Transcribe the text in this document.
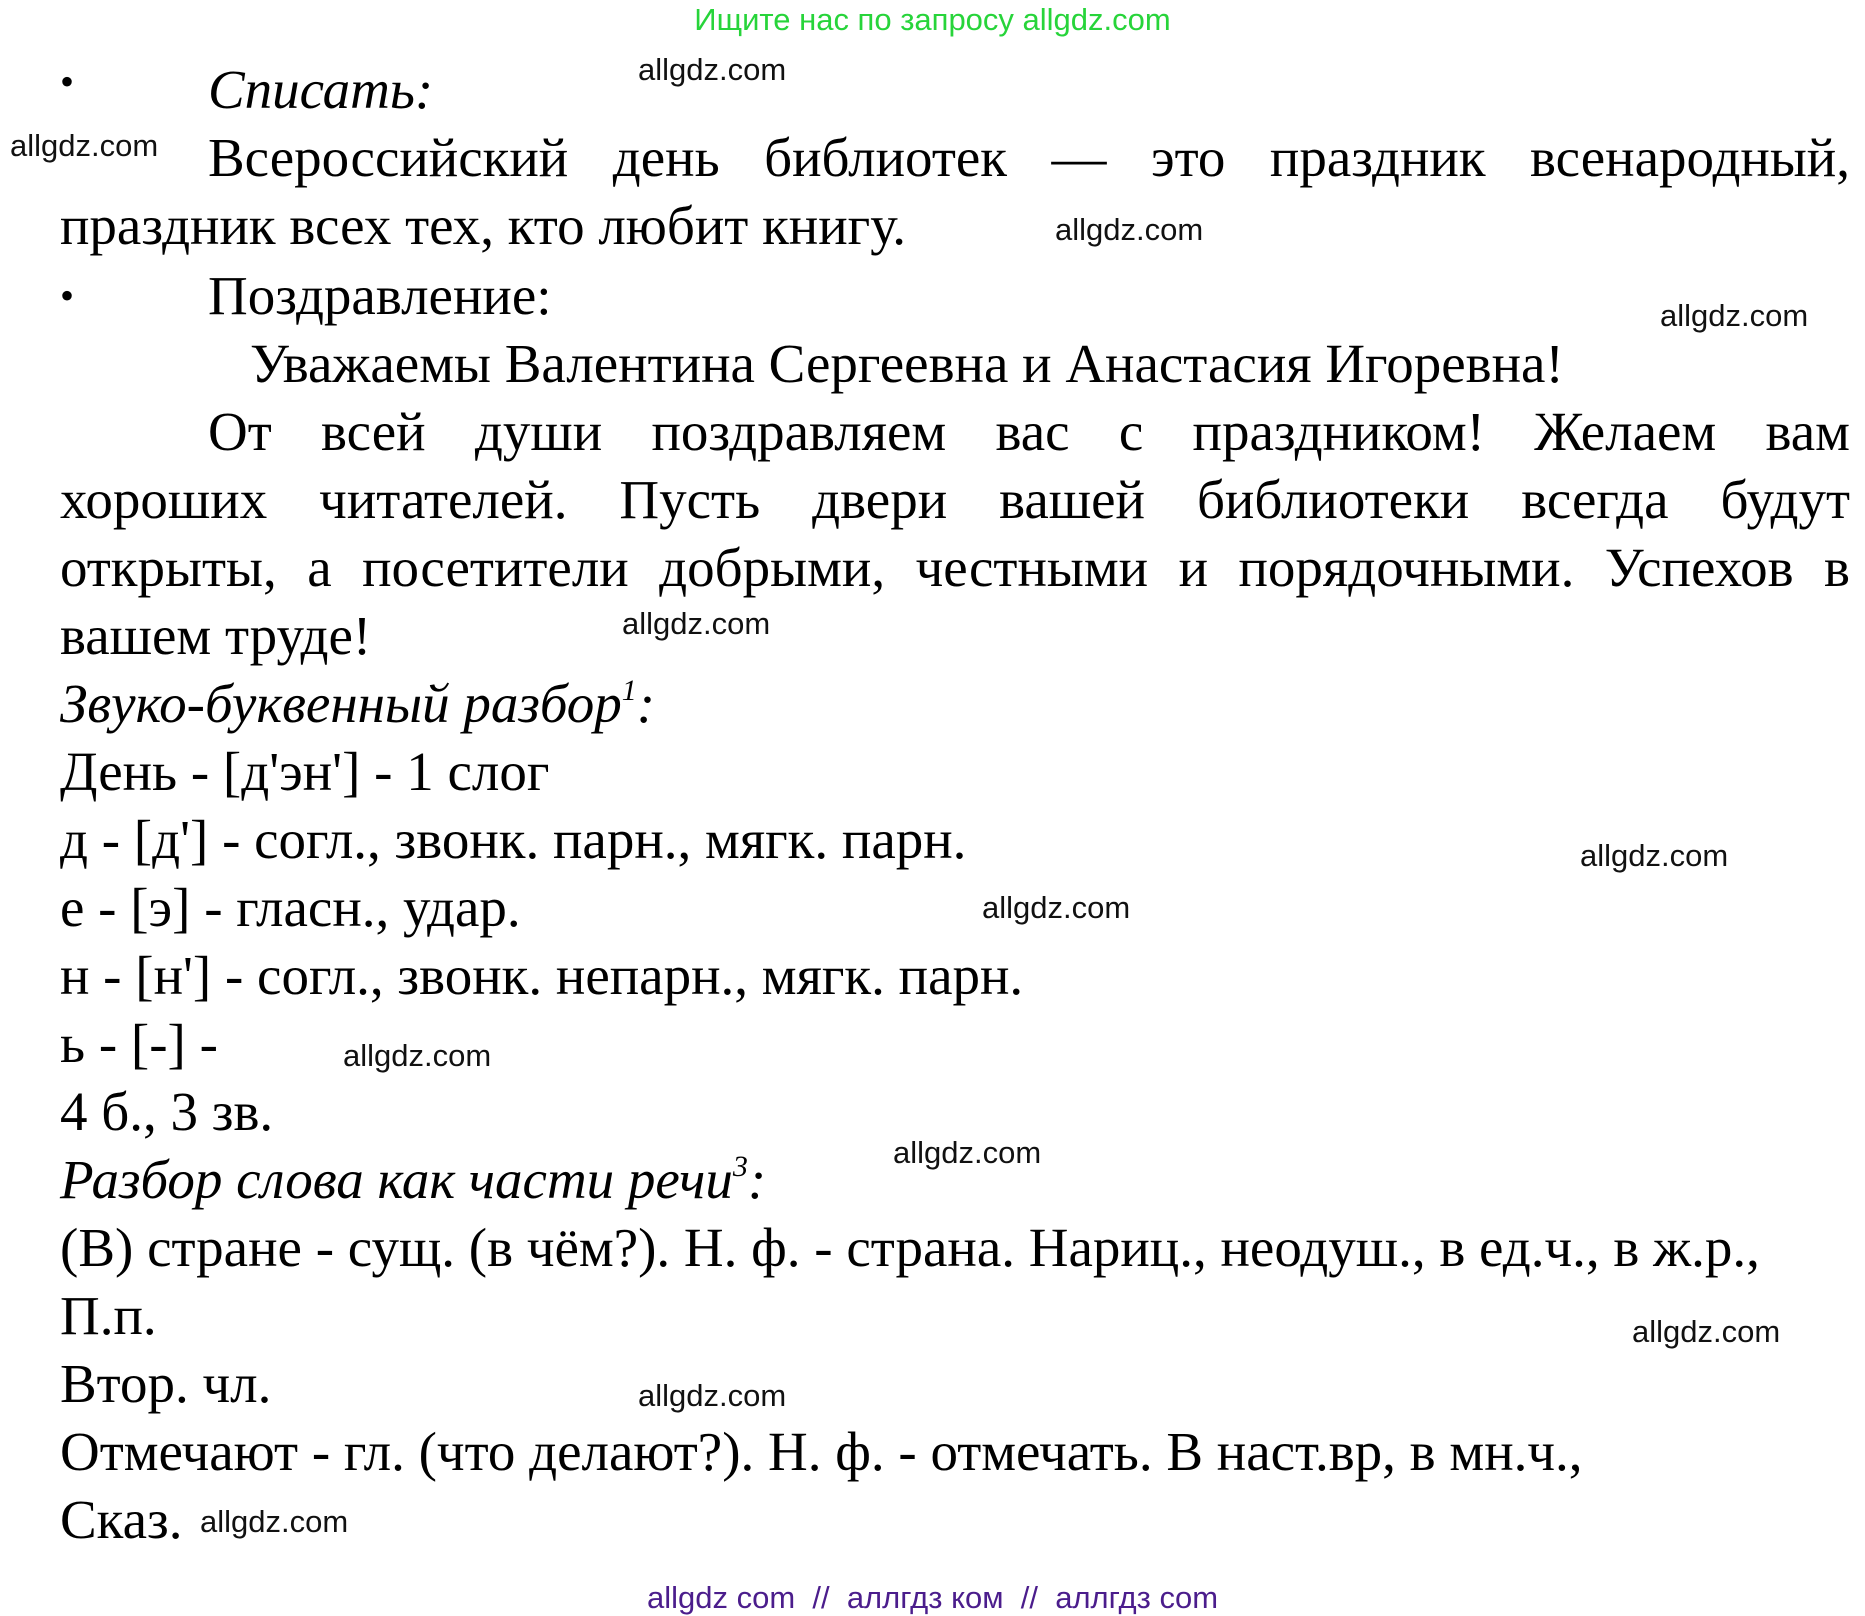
Ищите нас по запросу allgdz.com
• Списать:
Всероссийский день библиотек — это праздник всенародный,
праздник всех тех, кто любит книгу.
• Поздравление:
Уважаемы Валентина Сергеевна и Анастасия Игоревна!
От всей души поздравляем вас с праздником! Желаем вам
хороших читателей. Пусть двери вашей библиотеки всегда будут
открыты, а посетители добрыми, честными и порядочными. Успехов в
вашем труде!
Звуко-буквенный разбор$^1$:
День - [д'эн'] - 1 слог
д - [д'] - согл., звонк. парн., мягк. парн.
е - [э] - гласн., удар.
н - [н'] - согл., звонк. непарн., мягк. парн.
ь - [-] -
4 б., 3 зв.
Разбор слова как части речи$^3$:
(В) стране - сущ. (в чём?). Н. ф. - страна. Нариц., неодуш., в ед.ч., в ж.р.,
П.п.
Втор. чл.
Отмечают - гл. (что делают?). Н. ф. - отмечать. В наст.вр, в мн.ч.,
Сказ.
allgdz.com
allgdz.com
allgdz.com
allgdz.com
allgdz.com
allgdz.com
allgdz.com
allgdz.com
allgdz.com
allgdz.com
allgdz.com
allgdz.com
allgdz com  //  аллгдз ком  //  аллгдз com
